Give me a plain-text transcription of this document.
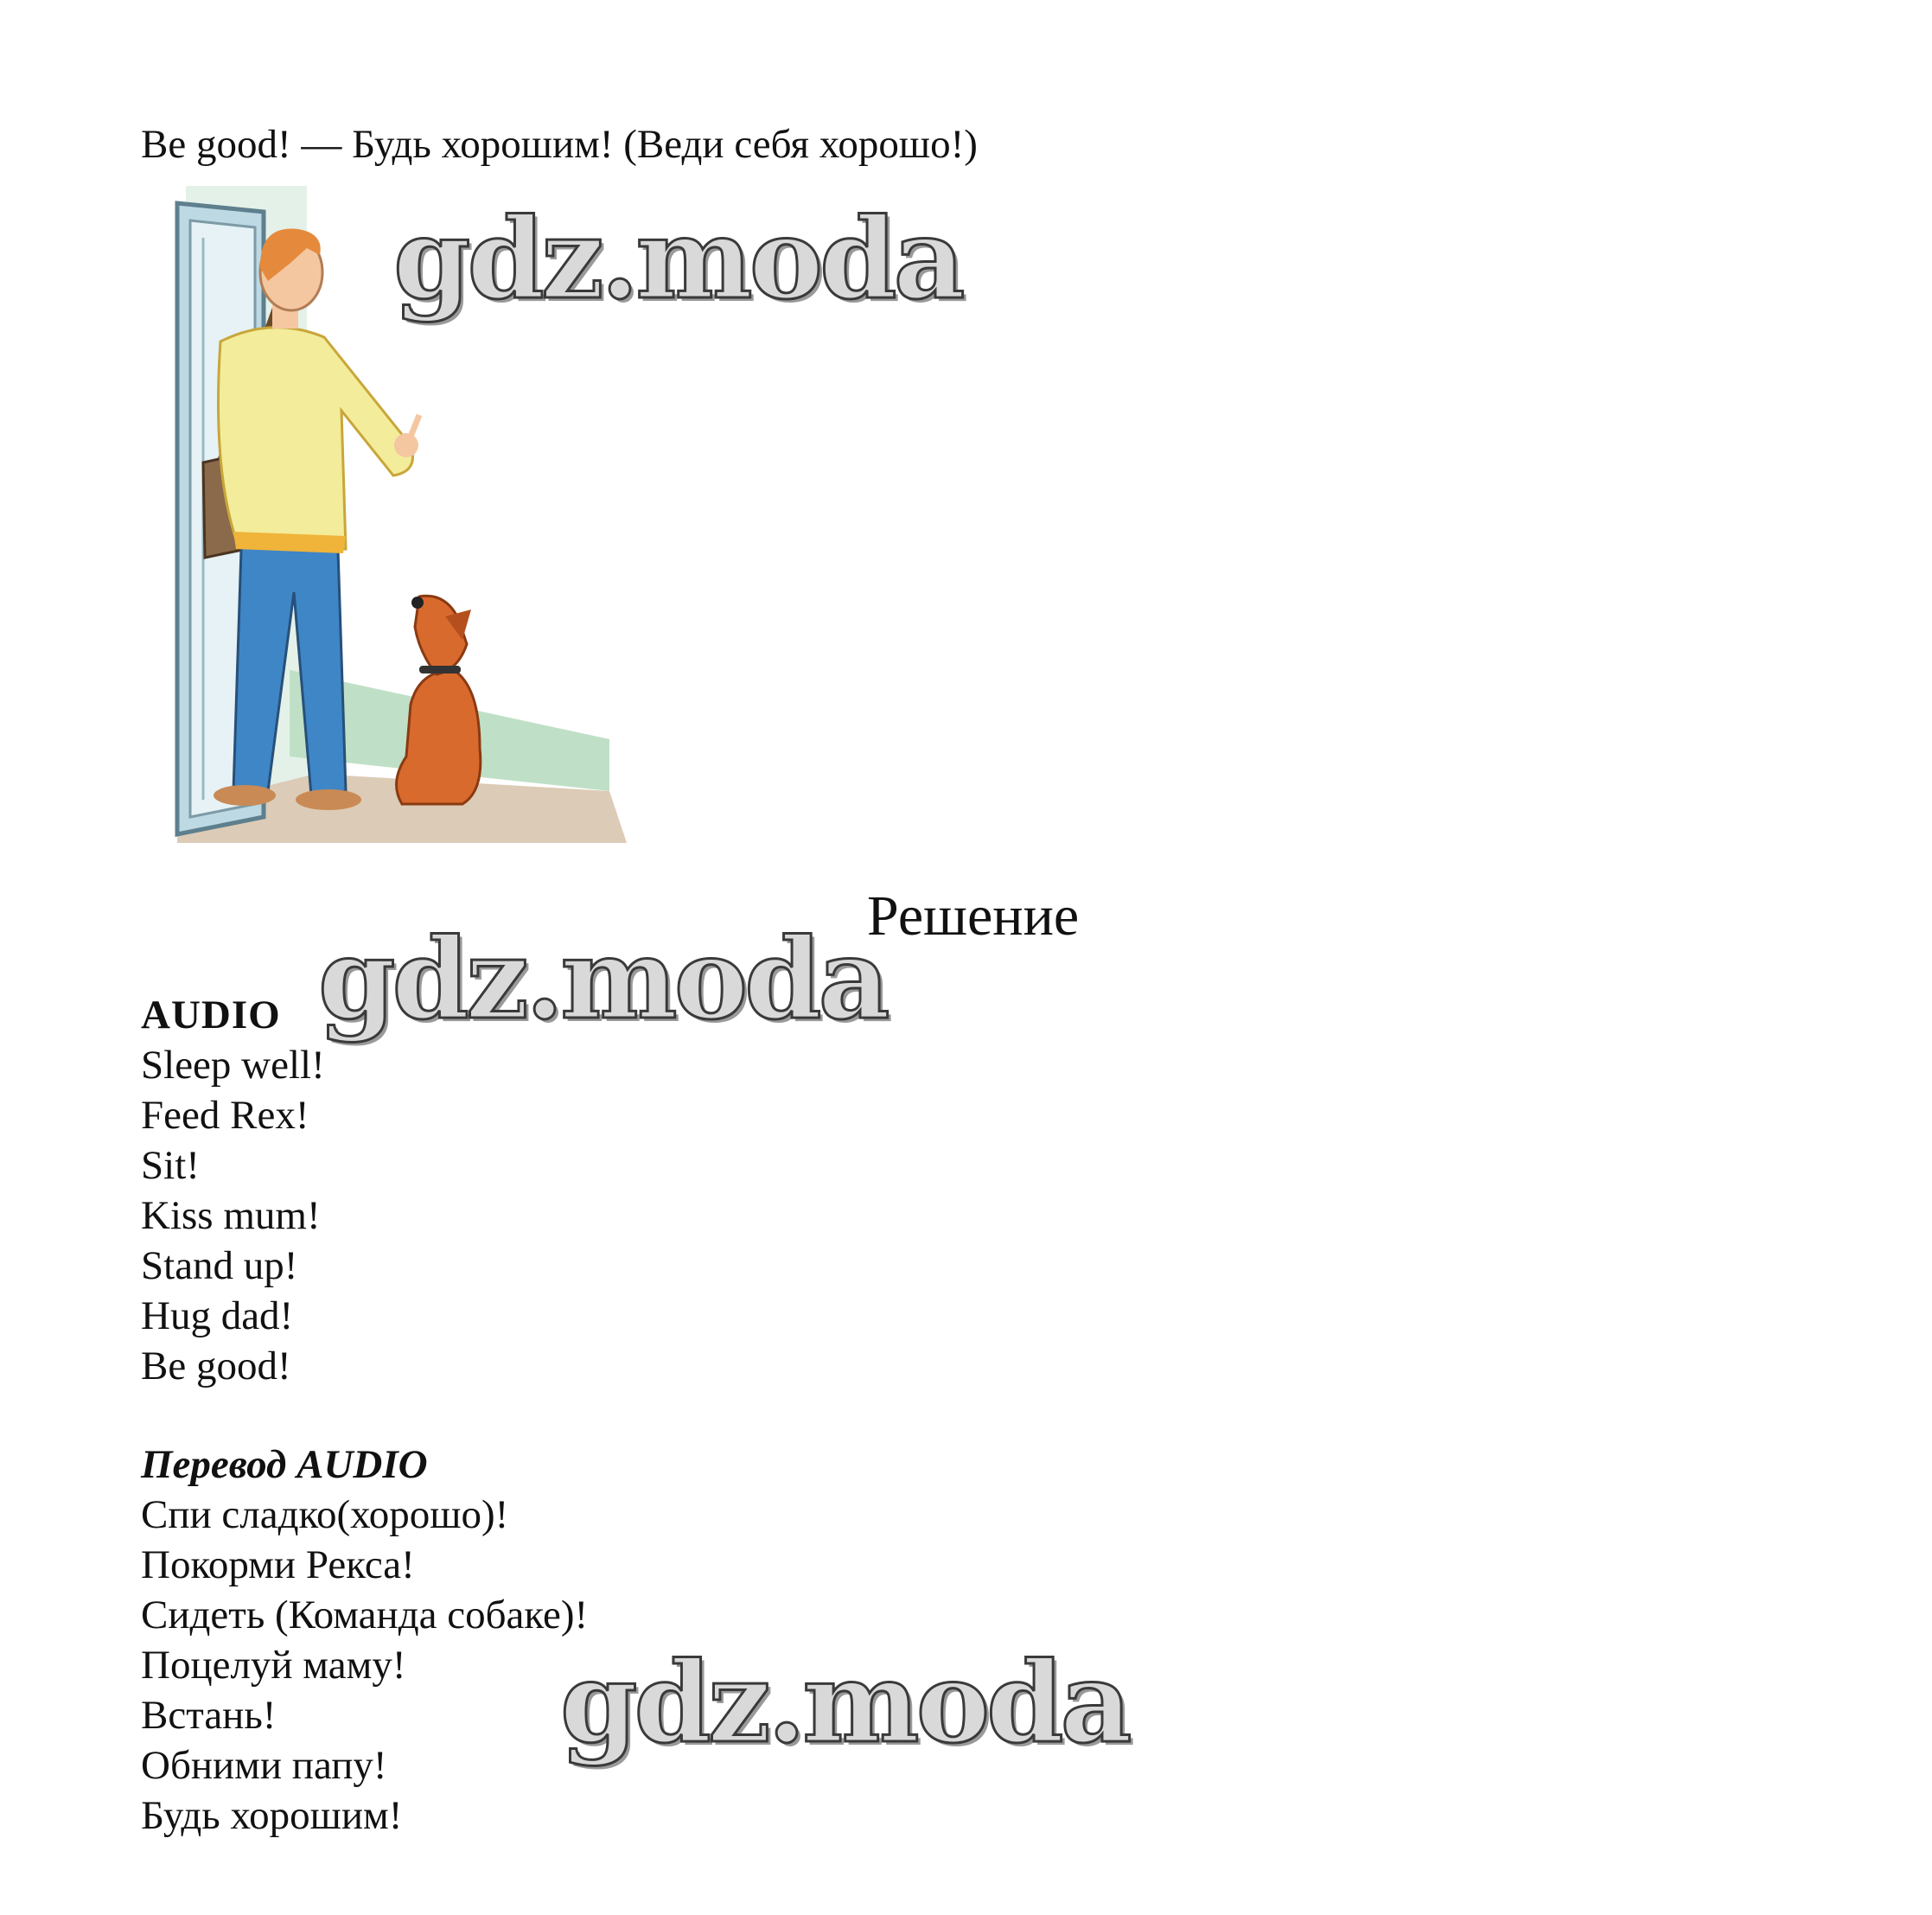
Be good! — Будь хорошим! (Веди себя хорошо!)
Решение
AUDIO
Sleep well!
Feed Rex!
Sit!
Kiss mum!
Stand up!
Hug dad!
Be good!
Перевод AUDIO
Спи сладко(хорошо)!
Покорми Рекса!
Сидеть (Команда собаке)!
Поцелуй маму!
Встань!
Обними папу!
Будь хорошим!
gdz.moda
gdz.moda
gdz.moda
